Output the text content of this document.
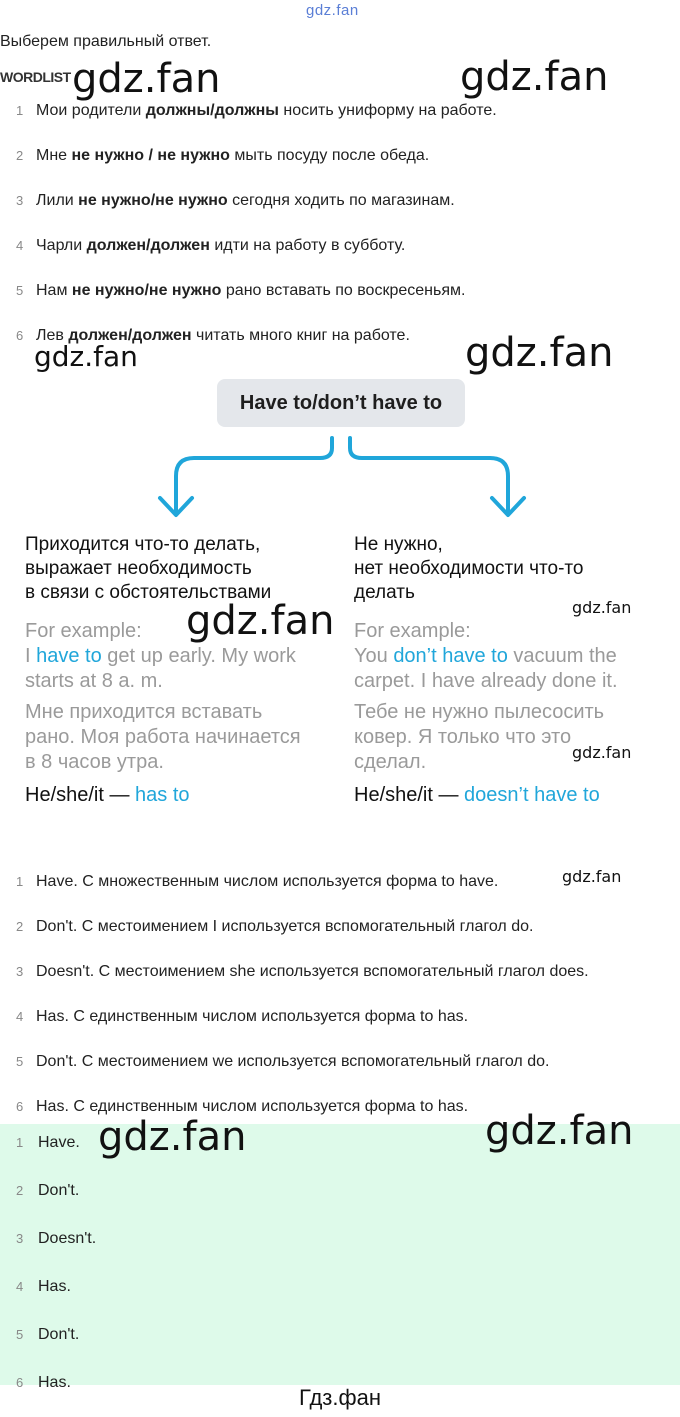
gdz.fan
gdz.fan	gdz.fan
gdz.fan	gdz.fan
gdz.fan	gdz.fan
gdz.fan
gdz.fan
Выберем правильный ответ.
WORDLIST
1 Мои родители должны/должны носить униформу на работе.
2 Мне не нужно / не нужно мыть посуду после обеда.
3 Лили не нужно/не нужно сегодня ходить по магазинам.
4 Чарли должен/должен идти на работу в субботу.
5 Нам не нужно/не нужно рано вставать по воскресеньям.
6 Лев должен/должен читать много книг на работе.
Have to/don’t have to
Приходится что-то делать,
выражает необходимость
в связи с обстоятельствами
For example:
I have to get up early. My work starts at 8 a. m.
Мне приходится вставать
рано. Моя работа начинается
в 8 часов утра.
He/she/it — has to
Не нужно,
нет необходимости что-то
делать
For example:
You don’t have to vacuum the carpet. I have already done it.
Тебе не нужно пылесосить
ковер. Я только что это
сделал.
He/she/it — doesn’t have to
1 Have. С множественным числом используется форма to have.
2 Don't. С местоимением I используется вспомогательный глагол do.
3 Doesn't. С местоимением she используется вспомогательный глагол does.
4 Has. С единственным числом используется форма to has.
5 Don't. С местоимением we используется вспомогательный глагол do.
6 Has. С единственным числом используется форма to has.
1 Have.
2 Don't.
3 Doesn't.
4 Has.
5 Don't.
6 Has.
gdz.fan	gdz.fan
Гдз.фан
